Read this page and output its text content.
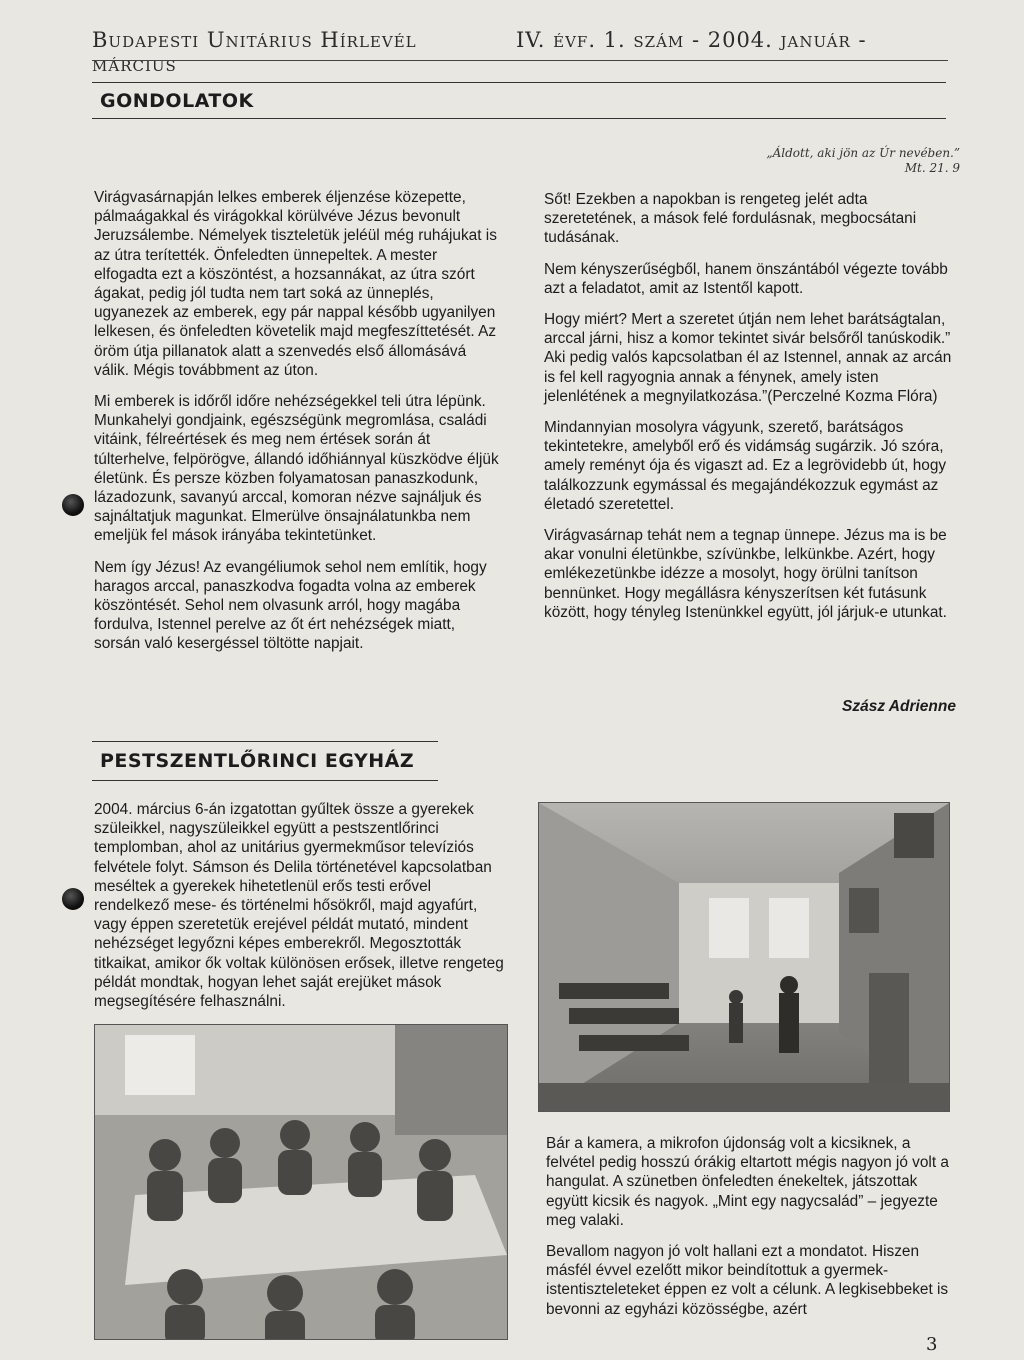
Budapesti Unitárius Hírlevél	IV. évf. 1. szám - 2004. január - március
GONDOLATOK
„Áldott, aki jön az Úr nevében.”
Mt. 21. 9

Virágvasárnapján lelkes emberek éljenzése közepette, pálmaágakkal és virágokkal körülvéve Jézus bevonult Jeruzsálembe. Némelyek tiszteletük jeléül még ruhájukat is az útra terítették. Önfeledten ünnepeltek. A mester elfogadta ezt a köszöntést, a hozsannákat, az útra szórt ágakat, pedig jól tudta nem tart soká az ünneplés, ugyanezek az emberek, egy pár nappal később ugyanilyen lelkesen, és önfeledten követelik majd megfeszíttetését. Az öröm útja pillanatok alatt a szenvedés első állomásává válik. Mégis továbbment az úton.

Mi emberek is időről időre nehézségekkel teli útra lépünk. Munkahelyi gondjaink, egészségünk megromlása, családi vitáink, félreértések és meg nem értések során át túlterhelve, felpörögve, állandó időhiánnyal küszködve éljük életünk. És persze közben folyamatosan panaszkodunk, lázadozunk, savanyú arccal, komoran nézve sajnáljuk és sajnáltatjuk magunkat. Elmerülve önsajnálatunkba nem emeljük fel mások irányába tekintetünket.

Nem így Jézus! Az evangéliumok sehol nem említik, hogy haragos arccal, panaszkodva fogadta volna az emberek köszöntését. Sehol nem olvasunk arról, hogy magába fordulva, Istennel perelve az őt ért nehézségek miatt, sorsán való kesergéssel töltötte napjait.

Sőt! Ezekben a napokban is rengeteg jelét adta szeretetének, a mások felé fordulásnak, megbocsátani tudásának.

Nem kényszerűségből, hanem önszántából végezte tovább azt a feladatot, amit az Istentől kapott.

Hogy miért? Mert a szeretet útján nem lehet barátságtalan, arccal járni, hisz a komor tekintet sivár belsőről tanúskodik.” Aki pedig valós kapcsolatban él az Istennel, annak az arcán is fel kell ragyognia annak a fénynek, amely isten jelenlétének a megnyilatkozása.”(Perczelné Kozma Flóra)

Mindannyian mosolyra vágyunk, szerető, barátságos tekintetekre, amelyből erő és vidámság sugárzik. Jó szóra, amely reményt ója és vigaszt ad. Ez a legrövidebb út, hogy találkozzunk egymással és megajándékozzuk egymást az életadó szeretettel.

Virágvasárnap tehát nem a tegnap ünnepe. Jézus ma is be akar vonulni életünkbe, szívünkbe, lelkünkbe. Azért, hogy emlékezetünkbe idézze a mosolyt, hogy örülni tanítson bennünket. Hogy megállásra kényszerítsen két futásunk között, hogy tényleg Istenünkkel együtt, jól járjuk-e utunkat.

Szász Adrienne
PESTSZENTLŐRINCI EGYHÁZ

2004. március 6-án izgatottan gyűltek össze a gyerekek szüleikkel, nagyszüleikkel együtt a pestszentlőrinci templomban, ahol az unitárius gyermekműsor televíziós felvétele folyt. Sámson és Delila történetével kapcsolatban meséltek a gyerekek hihetetlenül erős testi erővel rendelkező mese- és történelmi hősökről, majd agyafúrt, vagy éppen szeretetük erejével példát mutató, mindent nehézséget legyőzni képes emberekről. Megosztották titkaikat, amikor ők voltak különösen erősek, illetve rengeteg példát mondtak, hogyan lehet saját erejüket mások megsegítésére felhasználni.

Bár a kamera, a mikrofon újdonság volt a kicsiknek, a felvétel pedig hosszú órákig eltartott mégis nagyon jó volt a hangulat. A szünetben önfeledten énekeltek, játszottak együtt kicsik és nagyok. „Mint egy nagycsalád” – jegyezte meg valaki.

Bevallom nagyon jó volt hallani ezt a mondatot. Hiszen másfél évvel ezelőtt mikor beindítottuk a gyermek-istentiszteleteket éppen ez volt a célunk. A legkisebbeket is bevonni az egyházi közösségbe, azért

3
